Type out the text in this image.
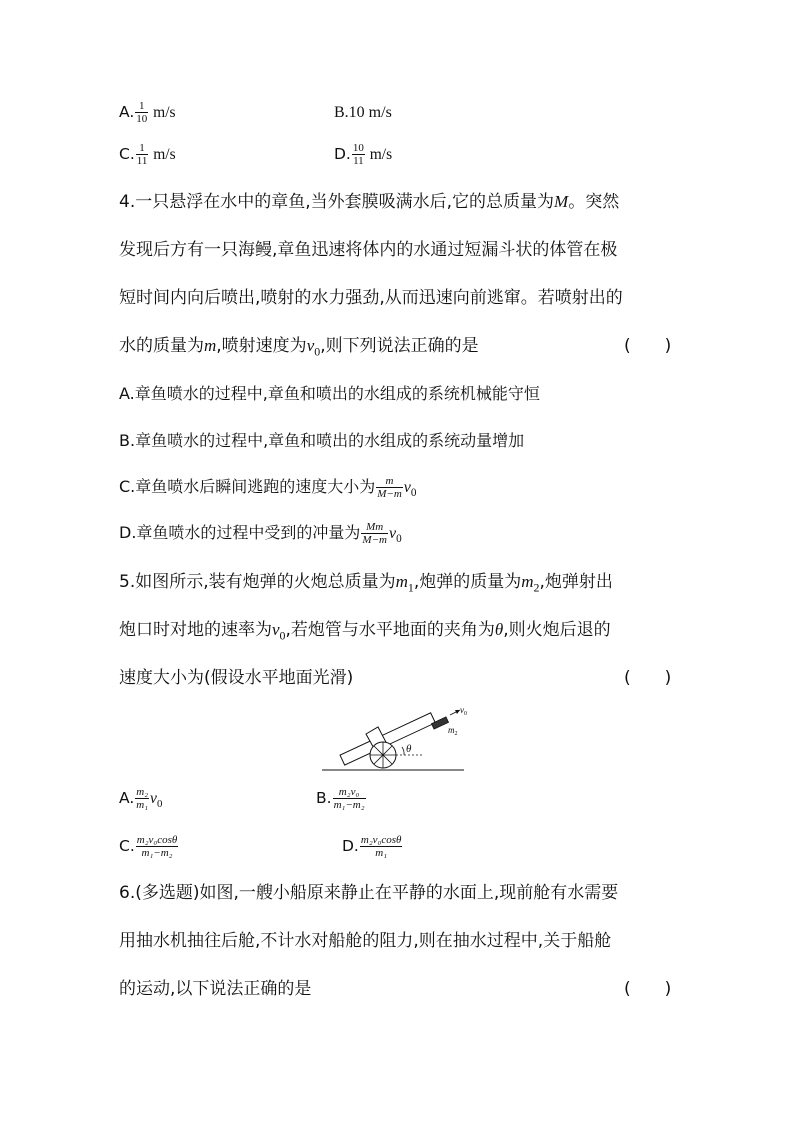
A. $\frac{1}{10} m/s$	B.10 m/s
C. $\frac{1}{11} m/s$	D. $\frac{10}{11} m/s$
4.一只悬浮在水中的章鱼,当外套膜吸满水后,它的总质量为M。突然
发现后方有一只海鳗,章鱼迅速将体内的水通过短漏斗状的体管在极
短时间内向后喷出,喷射的水力强劲,从而迅速向前逃窜。若喷射出的
水的质量为m,喷射速度为$v_0$,则下列说法正确的是	(　　)
A.章鱼喷水的过程中,章鱼和喷出的水组成的系统机械能守恒
B.章鱼喷水的过程中,章鱼和喷出的水组成的系统动量增加
C.章鱼喷水后瞬间逃跑的速度大小为 $\frac{m}{M-m} v_0$
D.章鱼喷水的过程中受到的冲量为 $\frac{Mm}{M-m} v_0$
5.如图所示,装有炮弹的火炮总质量为$m_1$,炮弹的质量为$m_2$,炮弹射出
炮口时对地的速率为$v_0$,若炮管与水平地面的夹角为θ,则火炮后退的
速度大小为(假设水平地面光滑)	(　　)
θ
$v_0$
$m_2$
A. $\frac{\text{m₂}}{\text{m₁}} v_0$	B. $\frac{\text{m₂v₀}}{\text{m₁−m₂}}$
C. $\frac{\text{m₂v₀cosθ}}{\text{m₁−m₂}}$	D. $\frac{\text{m₂v₀cosθ}}{\text{m₁}}$
6.(多选题)如图,一艘小船原来静止在平静的水面上,现前舱有水需要
用抽水机抽往后舱,不计水对船舱的阻力,则在抽水过程中,关于船舱
的运动,以下说法正确的是	(　　)
